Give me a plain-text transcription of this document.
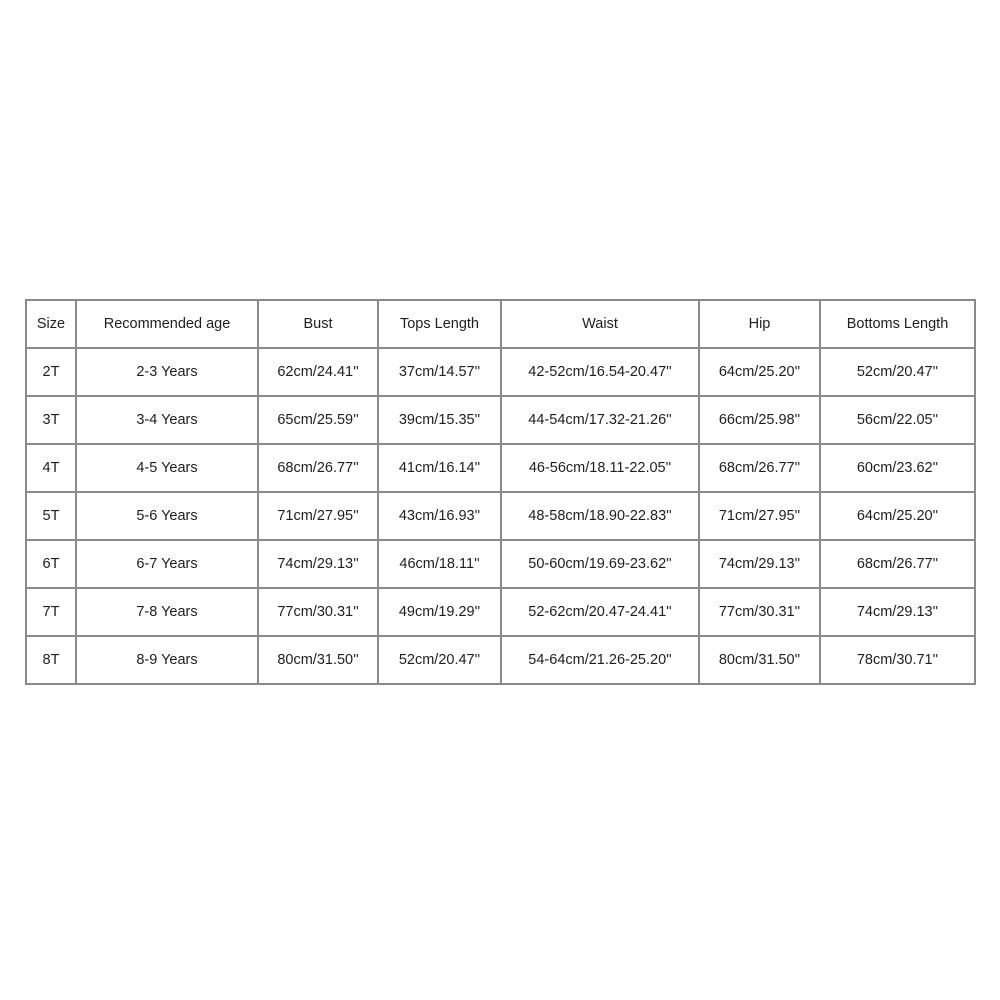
Size	Recommended age	Bust	Tops Length	Waist	Hip	Bottoms Length
2T	2-3 Years	62cm/24.41''	37cm/14.57''	42-52cm/16.54-20.47''	64cm/25.20''	52cm/20.47''
3T	3-4 Years	65cm/25.59''	39cm/15.35''	44-54cm/17.32-21.26''	66cm/25.98''	56cm/22.05''
4T	4-5 Years	68cm/26.77''	41cm/16.14''	46-56cm/18.11-22.05''	68cm/26.77''	60cm/23.62''
5T	5-6 Years	71cm/27.95''	43cm/16.93''	48-58cm/18.90-22.83''	71cm/27.95''	64cm/25.20''
6T	6-7 Years	74cm/29.13''	46cm/18.11''	50-60cm/19.69-23.62''	74cm/29.13''	68cm/26.77''
7T	7-8 Years	77cm/30.31''	49cm/19.29''	52-62cm/20.47-24.41''	77cm/30.31''	74cm/29.13''
8T	8-9 Years	80cm/31.50''	52cm/20.47''	54-64cm/21.26-25.20''	80cm/31.50''	78cm/30.71''
